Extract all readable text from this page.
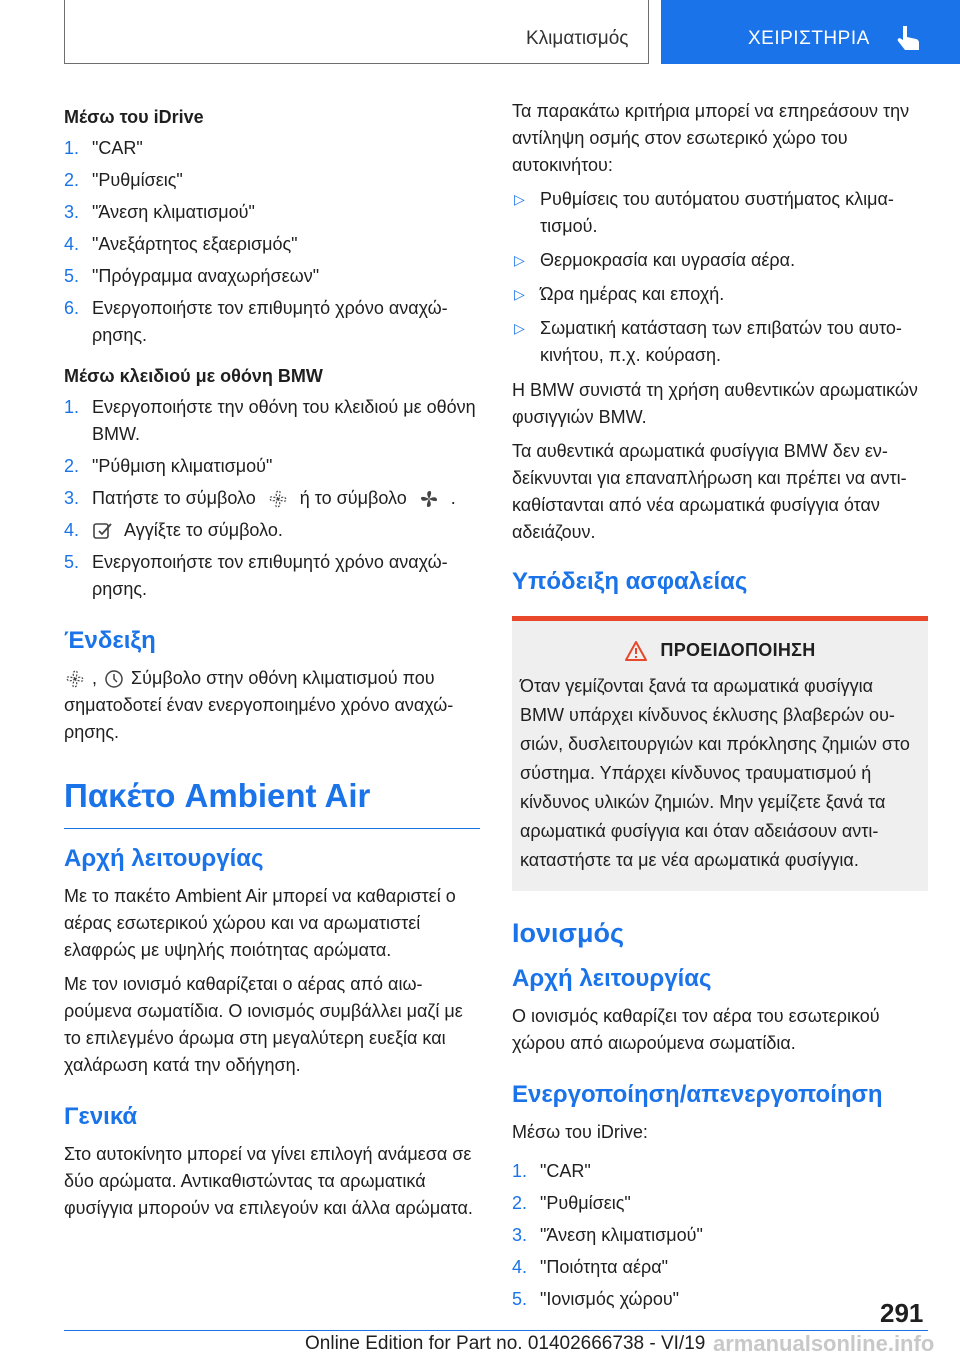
Κλιματισμός	ΧΕΙΡΙΣΤΗΡΙΑ
Μέσω του iDrive
1. "CAR"
2. "Ρυθμίσεις"
3. "Άνεση κλιματισμού"
4. "Ανεξάρτητος εξαερισμός"
5. "Πρόγραμμα αναχωρήσεων"
6. Ενεργοποιήστε τον επιθυμητό χρόνο αναχώρησης.
Μέσω κλειδιού με οθόνη BMW
1. Ενεργοποιήστε την οθόνη του κλειδιού με οθόνη BMW.
2. "Ρύθμιση κλιματισμού"
3. Πατήστε το σύμβολο ή το σύμβολο .
4.	Αγγίξτε το σύμβολο.
5. Ενεργοποιήστε τον επιθυμητό χρόνο αναχώρησης.
Ένδειξη
, Σύμβολο στην οθόνη κλιματισμού που σηματοδοτεί έναν ενεργοποιημένο χρόνο αναχώρησης.
Πακέτο Ambient Air
Αρχή λειτουργίας
Με το πακέτο Ambient Air μπορεί να καθαριστεί ο αέρας εσωτερικού χώρου και να αρωματιστεί ελαφρώς με υψηλής ποιότητας αρώματα.
Με τον ιονισμό καθαρίζεται ο αέρας από αιωρούμενα σωματίδια. Ο ιονισμός συμβάλλει μαζί με το επιλεγμένο άρωμα στη μεγαλύτερη ευεξία και χαλάρωση κατά την οδήγηση.
Γενικά
Στο αυτοκίνητο μπορεί να γίνει επιλογή ανάμεσα σε δύο αρώματα. Αντικαθιστώντας τα αρωματικά φυσίγγια μπορούν να επιλεγούν και άλλα αρώματα.
Τα παρακάτω κριτήρια μπορεί να επηρεάσουν την αντίληψη οσμής στον εσωτερικό χώρο του αυτοκινήτου:
▷ Ρυθμίσεις του αυτόματου συστήματος κλιματισμού.
▷ Θερμοκρασία και υγρασία αέρα.
▷ Ώρα ημέρας και εποχή.
▷ Σωματική κατάσταση των επιβατών του αυτοκινήτου, π.χ. κούραση.
Η BMW συνιστά τη χρήση αυθεντικών αρωματικών φυσιγγιών BMW.
Τα αυθεντικά αρωματικά φυσίγγια BMW δεν ενδείκνυνται για επαναπλήρωση και πρέπει να αντικαθίστανται από νέα αρωματικά φυσίγγια όταν αδειάζουν.
Υπόδειξη ασφαλείας
ΠΡΟΕΙΔΟΠΟΙΗΣΗ
Όταν γεμίζονται ξανά τα αρωματικά φυσίγγια BMW υπάρχει κίνδυνος έκλυσης βλαβερών ουσιών, δυσλειτουργιών και πρόκλησης ζημιών στο σύστημα. Υπάρχει κίνδυνος τραυματισμού ή κίνδυνος υλικών ζημιών. Μην γεμίζετε ξανά τα αρωματικά φυσίγγια και όταν αδειάσουν αντικαταστήστε τα με νέα αρωματικά φυσίγγια.
Ιονισμός
Αρχή λειτουργίας
Ο ιονισμός καθαρίζει τον αέρα του εσωτερικού χώρου από αιωρούμενα σωματίδια.
Ενεργοποίηση/απενεργοποίηση
Μέσω του iDrive:
1. "CAR"
2. "Ρυθμίσεις"
3. "Άνεση κλιματισμού"
4. "Ποιότητα αέρα"
5. "Ιονισμός χώρου"	291
Online Edition for Part no. 01402666738 - VI/19 armanualsonline.info
